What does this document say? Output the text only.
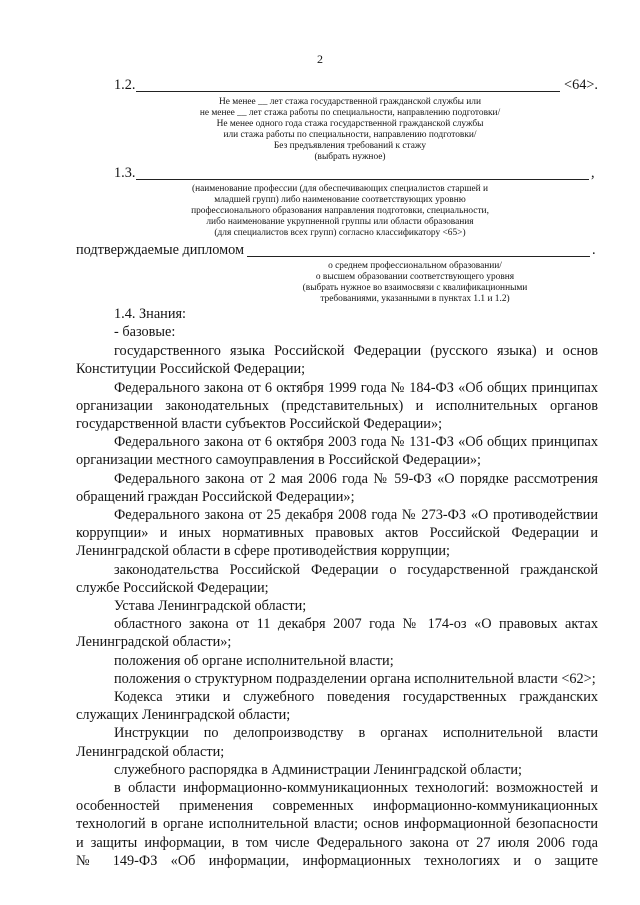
2
1.2.	<64>.
Не менее __ лет стажа государственной гражданской службы или
не менее __ лет стажа работы по специальности, направлению подготовки/
Не менее одного года стажа государственной гражданской службы
или стажа работы по специальности, направлению подготовки/
Без предъявления требований к стажу
(выбрать нужное)
1.3.	,
(наименование профессии (для обеспечивающих специалистов старшей и
младшей групп) либо наименование соответствующих уровню
профессионального образования направления подготовки, специальности,
либо наименование укрупненной группы или области образования
(для специалистов всех групп) согласно классификатору <65>)
подтверждаемые дипломом	.
о среднем профессиональном образовании/
о высшем образовании соответствующего уровня
(выбрать нужное во взаимосвязи с квалификационными
требованиями, указанными в пунктах 1.1 и 1.2)
1.4. Знания:
- базовые:
государственного языка Российской Федерации (русского языка) и основ
Конституции Российской Федерации;
Федерального закона от 6 октября 1999 года № 184-ФЗ «Об общих принципах
организации законодательных (представительных) и исполнительных органов
государственной власти субъектов Российской Федерации»;
Федерального закона от 6 октября 2003 года № 131-ФЗ «Об общих принципах
организации местного самоуправления в Российской Федерации»;
Федерального закона от 2 мая 2006 года № 59-ФЗ «О порядке рассмотрения
обращений граждан Российской Федерации»;
Федерального закона от 25 декабря 2008 года № 273-ФЗ «О противодействии
коррупции» и иных нормативных правовых актов Российской Федерации и
Ленинградской области в сфере противодействия коррупции;
законодательства Российской Федерации о государственной гражданской
службе Российской Федерации;
Устава Ленинградской области;
областного закона от 11 декабря 2007 года № 174-оз «О правовых актах
Ленинградской области»;
положения об органе исполнительной власти;
положения о структурном подразделении органа исполнительной власти <62>;
Кодекса этики и служебного поведения государственных гражданских
служащих Ленинградской области;
Инструкции по делопроизводству в органах исполнительной власти
Ленинградской области;
служебного распорядка в Администрации Ленинградской области;
в области информационно-коммуникационных технологий: возможностей и
особенностей применения современных информационно-коммуникационных
технологий в органе исполнительной власти; основ информационной безопасности
и защиты информации, в том числе Федерального закона от 27 июля 2006 года
№ 149-ФЗ «Об информации, информационных технологиях и о защите
